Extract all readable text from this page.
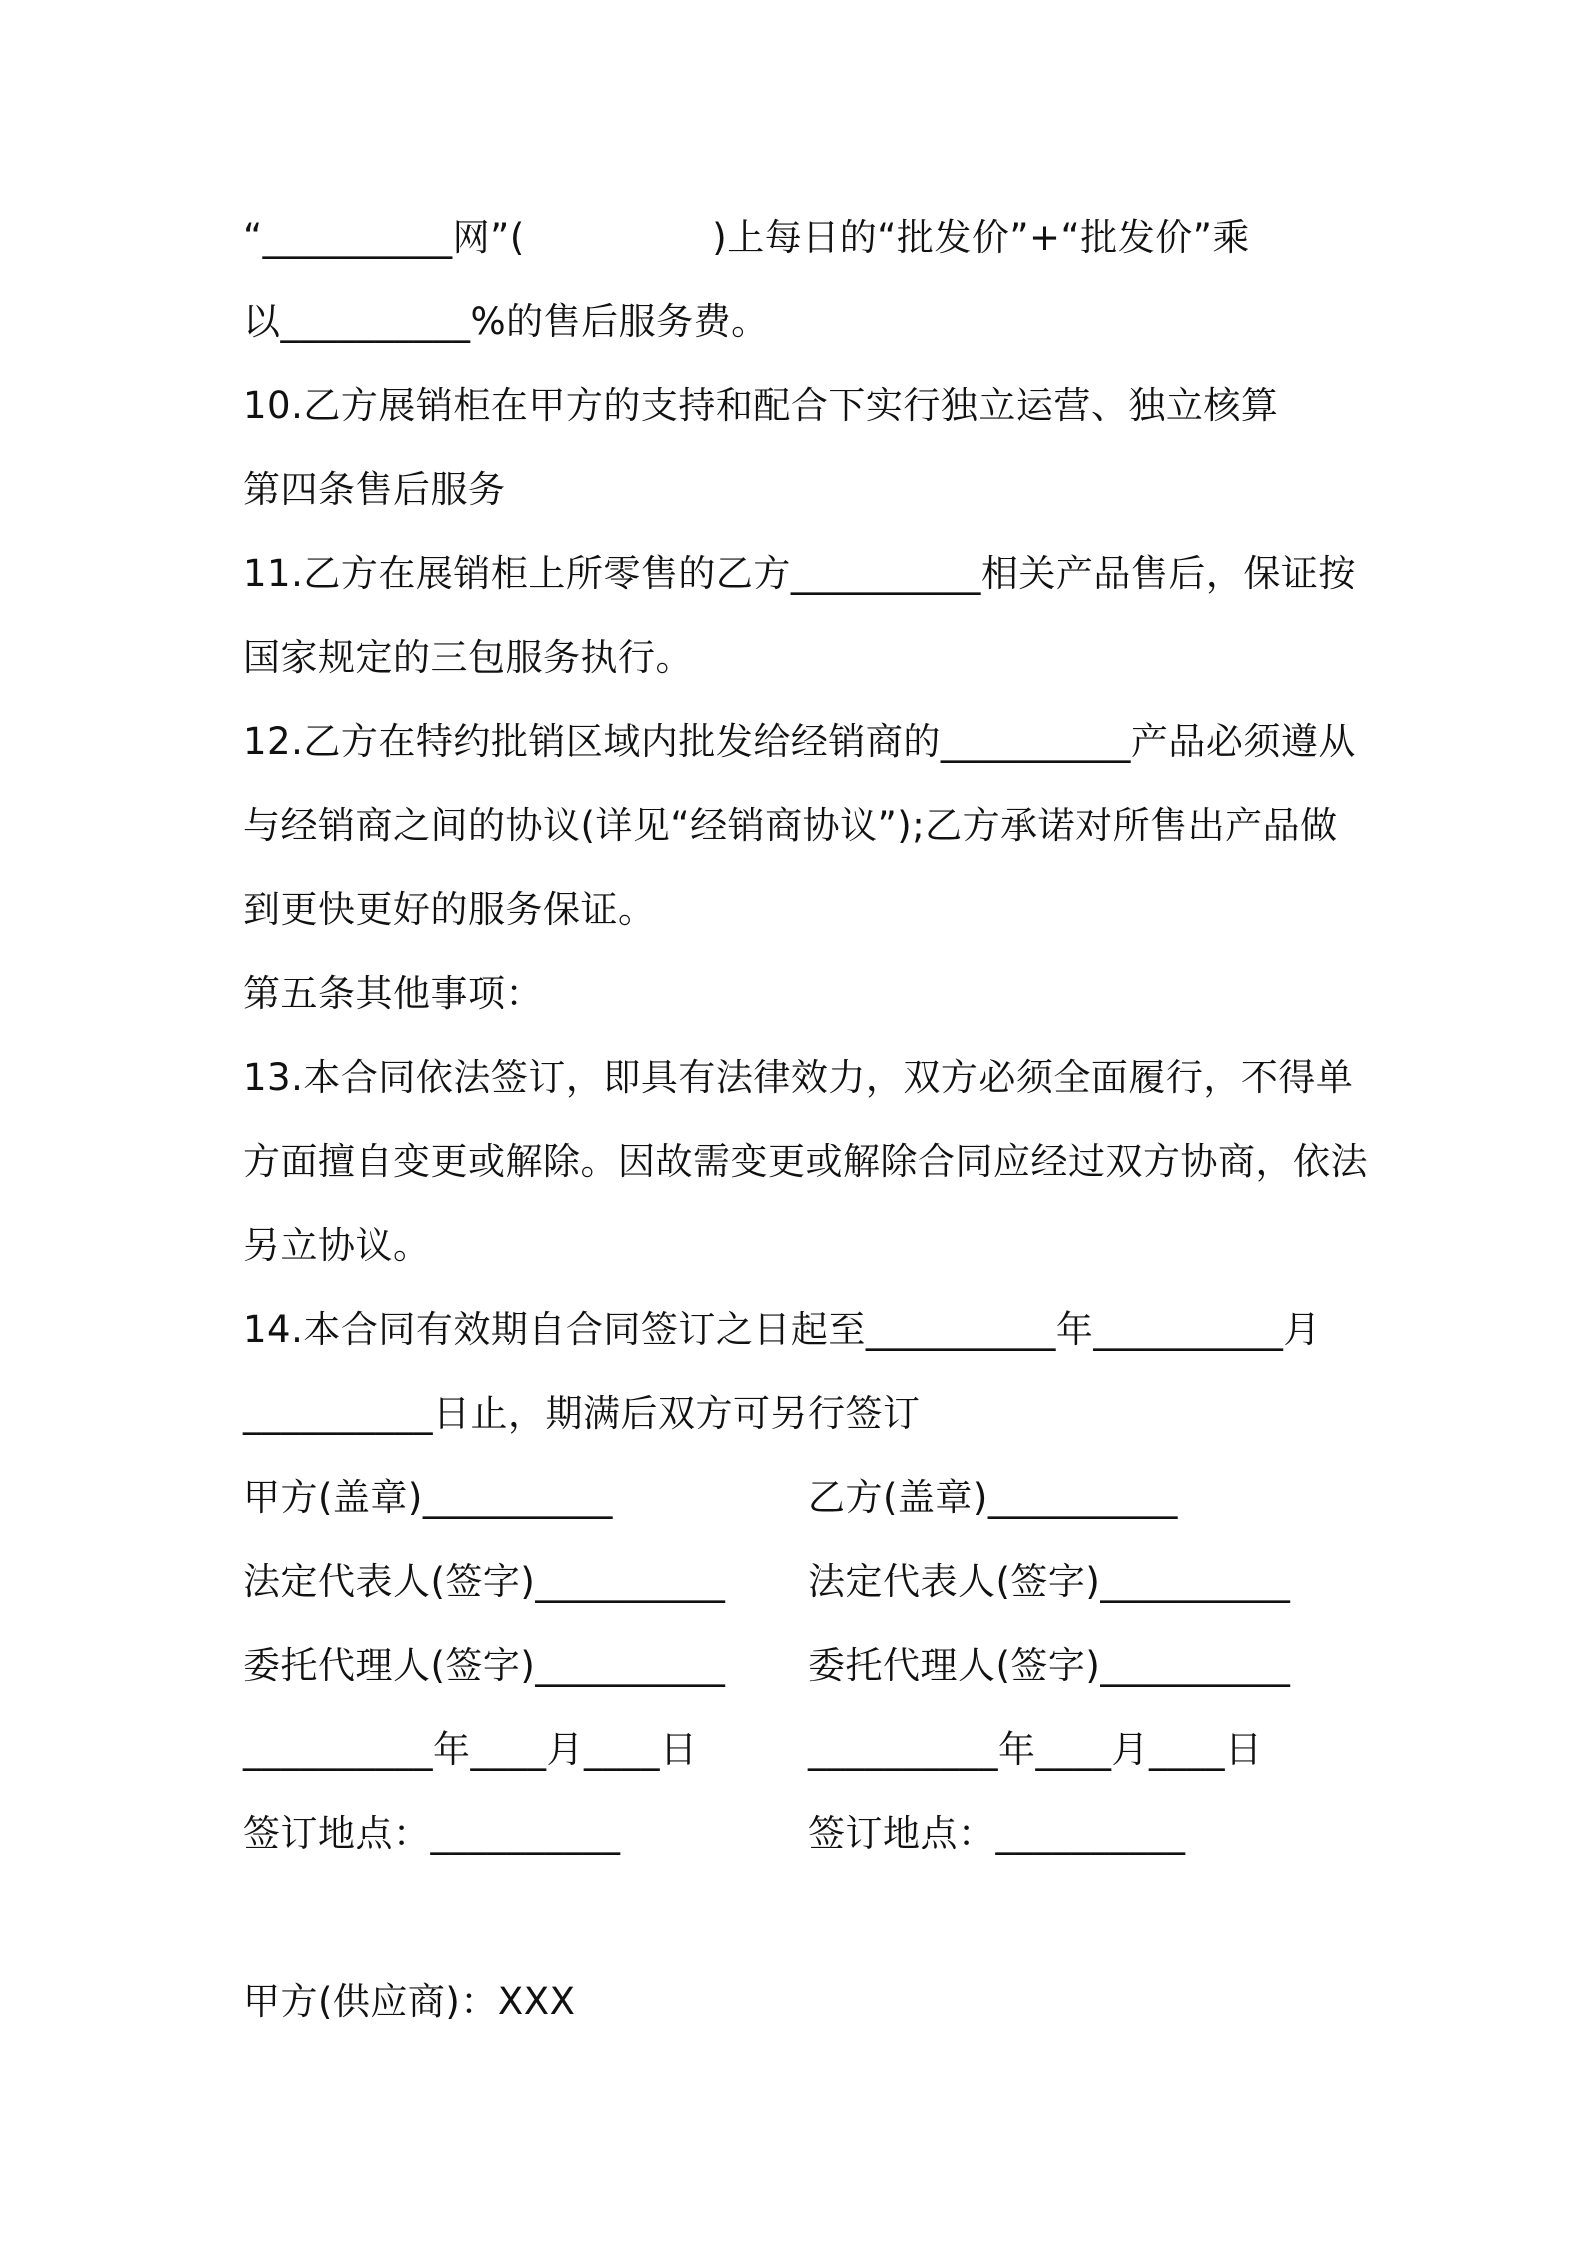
“__________网”(　　　　　)上每日的“批发价”+“批发价”乘
以__________%的售后服务费。
10.乙方展销柜在甲方的支持和配合下实行独立运营、独立核算
第四条售后服务
11.乙方在展销柜上所零售的乙方__________相关产品售后，保证按
国家规定的三包服务执行。
12.乙方在特约批销区域内批发给经销商的__________产品必须遵从
与经销商之间的协议(详见“经销商协议”);乙方承诺对所售出产品做
到更快更好的服务保证。
第五条其他事项：
13.本合同依法签订，即具有法律效力，双方必须全面履行，不得单
方面擅自变更或解除。因故需变更或解除合同应经过双方协商，依法
另立协议。
14.本合同有效期自合同签订之日起至__________年__________月
__________日止，期满后双方可另行签订
甲方(盖章)__________	乙方(盖章)__________
法定代表人(签字)__________	法定代表人(签字)__________
委托代理人(签字)__________	委托代理人(签字)__________
__________年____月____日	__________年____月____日
签订地点：__________	签订地点：__________
甲方(供应商)：XXX
